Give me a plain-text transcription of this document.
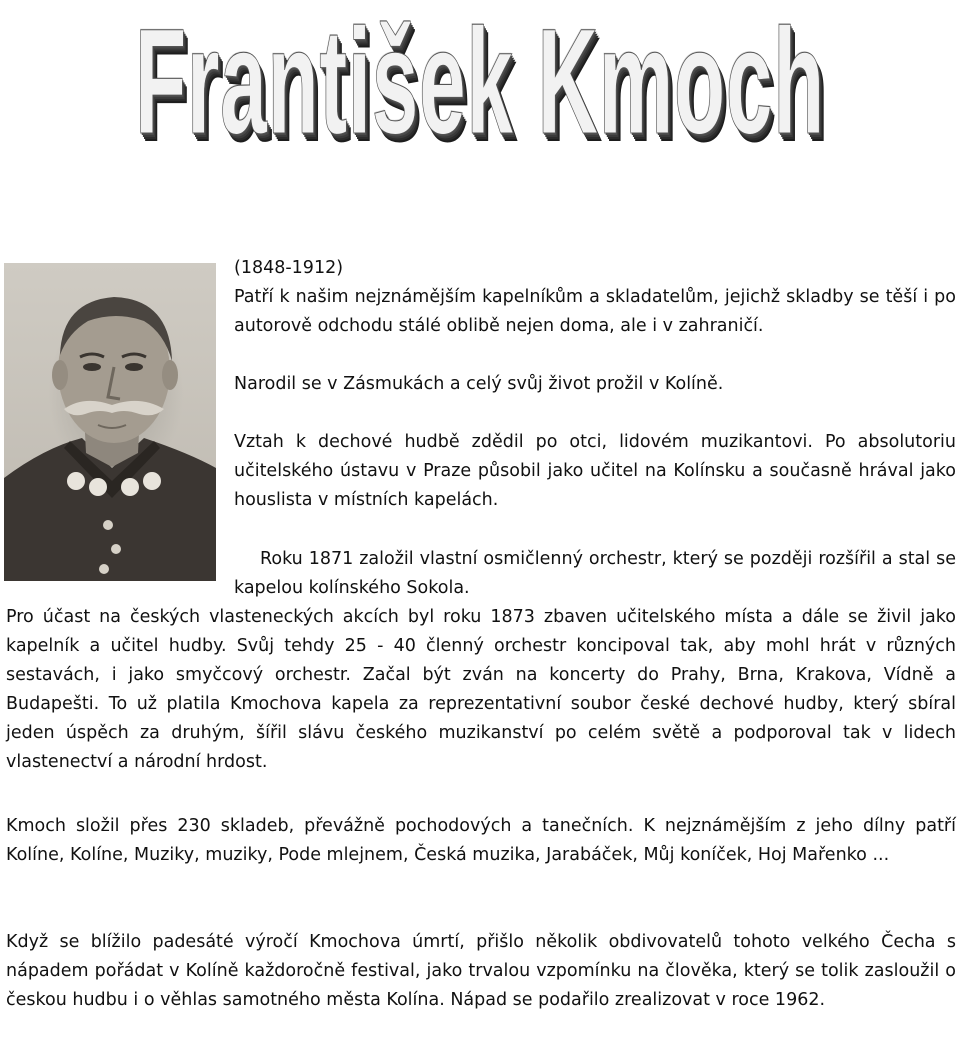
František Kmoch

(1848-1912)

Patří k našim nejznámějším kapelníkům a skladatelům, jejichž skladby se těší i po autorově odchodu stálé oblibě nejen doma, ale i v zahraničí.

Narodil se v Zásmukách a celý svůj život prožil v Kolíně.

Vztah k dechové hudbě zdědil po otci, lidovém muzikantovi. Po absolutoriu učitelského ústavu v Praze působil jako učitel na Kolínsku a současně hrával jako houslista v místních kapelách.

Roku 1871 založil vlastní osmičlenný orchestr, který se později rozšířil a stal se kapelou kolínského Sokola.

Pro účast na českých vlasteneckých akcích byl roku 1873 zbaven učitelského místa a dále se živil jako kapelník a učitel hudby. Svůj tehdy 25 - 40 členný orchestr koncipoval tak, aby mohl hrát v různých sestavách, i jako smyčcový orchestr. Začal být zván na koncerty do Prahy, Brna, Krakova, Vídně a Budapešti. To už platila Kmochova kapela za reprezentativní soubor české dechové hudby, který sbíral jeden úspěch za druhým, šířil slávu českého muzikanství po celém světě a podporoval tak v lidech vlastenectví a národní hrdost.

Kmoch složil přes 230 skladeb, převážně pochodových a tanečních. K nejznámějším z jeho dílny patří Kolíne, Kolíne, Muziky, muziky, Pode mlejnem, Česká muzika, Jarabáček, Můj koníček, Hoj Mařenko ...

Když se blížilo padesáté výročí Kmochova úmrtí, přišlo několik obdivovatelů tohoto velkého Čecha s nápadem pořádat v Kolíně každoročně festival, jako trvalou vzpomínku na člověka, který se tolik zasloužil o českou hudbu i o věhlas samotného města Kolína. Nápad se podařilo zrealizovat v roce 1962.
